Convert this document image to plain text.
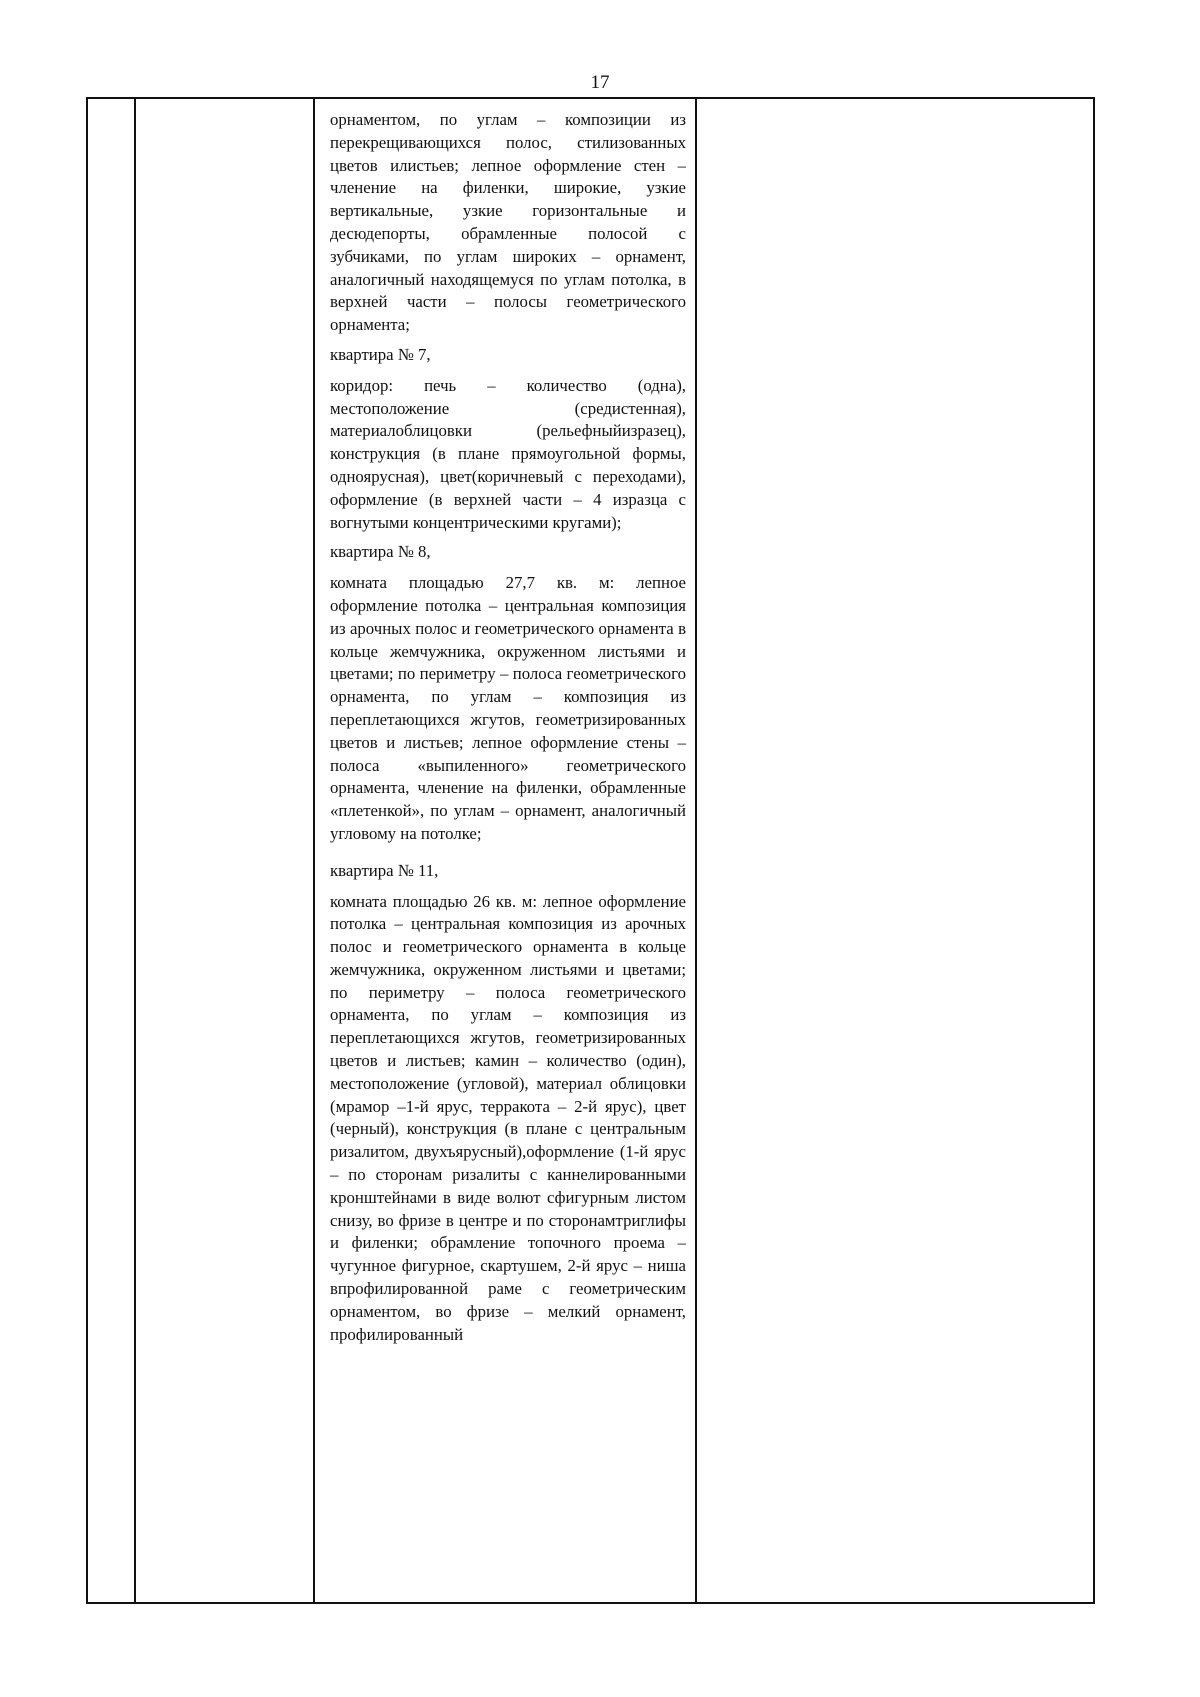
17

орнаментом, по углам – композиции из перекрещивающихся полос, стилизованных цветов илистьев; лепное оформление стен –членение на филенки, широкие, узкие вертикальные, узкие горизонтальные и десюдепорты, обрамленные полосой с зубчиками, по углам широких – орнамент, аналогичный находящемуся по углам потолка, в верхней части – полосы геометрического орнамента;

квартира № 7,

коридор: печь – количество (одна), местоположение (средистенная), материалоблицовки (рельефныйизразец), конструкция (в плане прямоугольной формы, одноярусная), цвет(коричневый с переходами), оформление (в верхней части – 4 изразца с вогнутыми концентрическими кругами);

квартира № 8,

комната площадью 27,7 кв. м: лепное оформление потолка – центральная композиция из арочных полос и геометрического орнамента в кольце жемчужника, окруженном листьями и цветами; по периметру – полоса геометрического орнамента, по углам – композиция из переплетающихся жгутов, геометризированных цветов и листьев; лепное оформление стены – полоса «выпиленного» геометрического орнамента, членение на филенки, обрамленные «плетенкой», по углам – орнамент, аналогичный угловому на потолке;

квартира № 11,

комната площадью 26 кв. м: лепное оформление потолка – центральная композиция из арочных полос и геометрического орнамента в кольце жемчужника, окруженном листьями и цветами; по периметру – полоса геометрического орнамента, по углам – композиция из переплетающихся жгутов, геометризированных цветов и листьев; камин – количество (один), местоположение (угловой), материал облицовки (мрамор –1-й ярус, терракота – 2-й ярус), цвет (черный), конструкция (в плане с центральным ризалитом, двухъярусный),оформление (1-й ярус – по сторонам ризалиты с каннелированными кронштейнами в виде волют сфигурным листом снизу, во фризе в центре и по сторонамтриглифы и филенки; обрамление топочного проема – чугунное фигурное, скартушем, 2-й ярус – ниша впрофилированной раме с геометрическим орнаментом, во фризе – мелкий орнамент, профилированный
